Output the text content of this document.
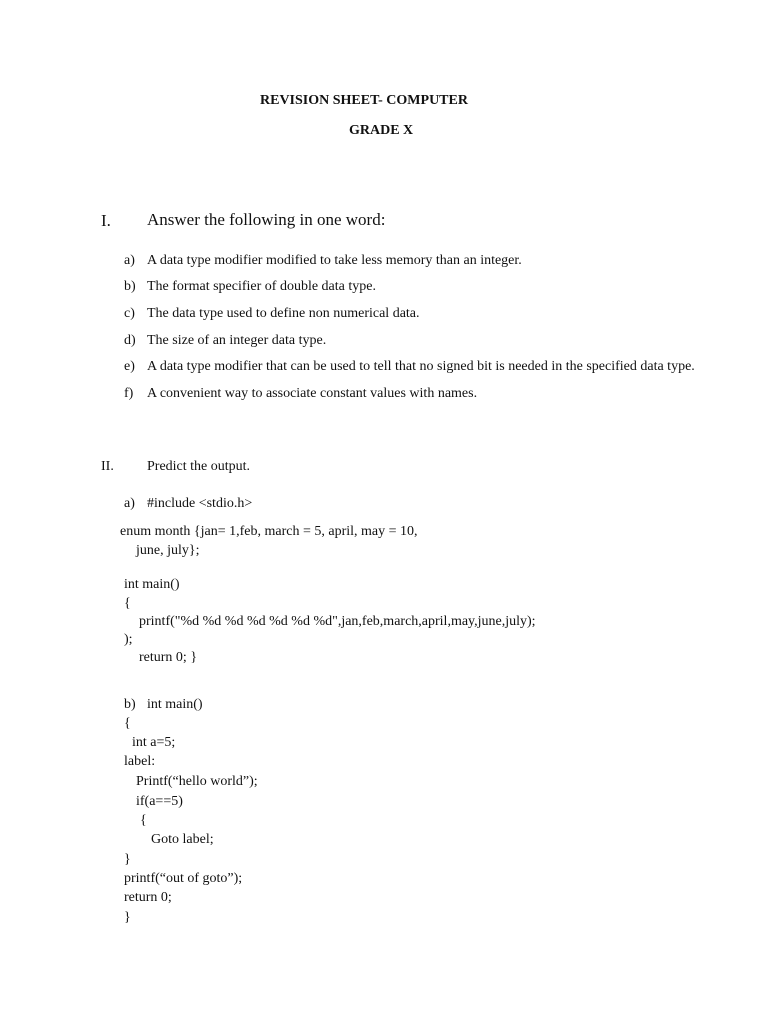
REVISION SHEET- COMPUTER
GRADE X
I. Answer the following in one word:
a) A data type modifier modified to take less memory than an integer.
b) The format specifier of double data type.
c) The data type used to define non numerical data.
d) The size of an integer data type.
e) A data type modifier that can be used to tell that no signed bit is needed in the specified data type.
f) A convenient way to associate constant values with names.
II. Predict the output.
a) #include <stdio.h>
enum month {jan= 1,feb, march = 5, april, may = 10,
june, july};
int main()
{
printf("%d %d %d %d %d %d %d",jan,feb,march,april,may,june,july);
);
return 0; }
b) int main()
{
int a=5;
label:
Printf(“hello world”);
if(a==5)
{
Goto label;
}
printf(“out of goto”);
return 0;
}
